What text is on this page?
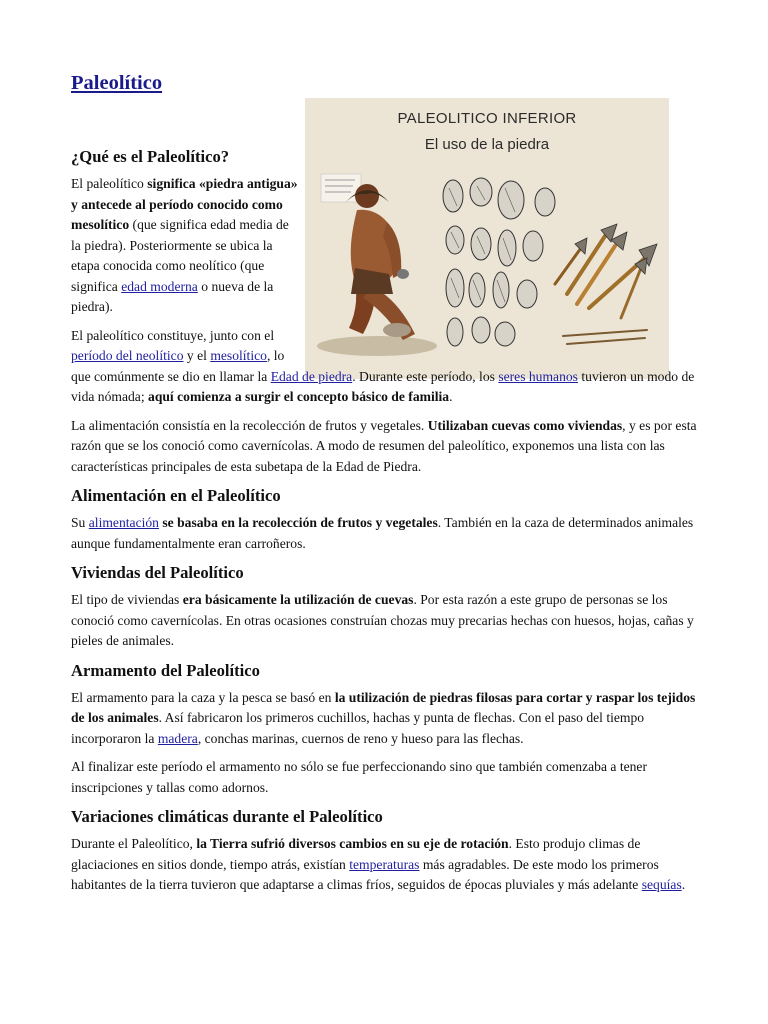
Paleolítico
PALEOLITICO INFERIOR
El uso de la piedra
¿Qué es el Paleolítico?

El paleolítico significa «piedra antigua» y antecede al período conocido como mesolítico (que significa edad media de la piedra). Posteriormente se ubica la etapa conocida como neolítico (que significa edad moderna o nueva de la piedra).

El paleolítico constituye, junto con el período del neolítico y el mesolítico, lo que comúnmente se dio en llamar la Edad de piedra. Durante este período, los seres humanos tuvieron un modo de vida nómada; aquí comienza a surgir el concepto básico de familia.

La alimentación consistía en la recolección de frutos y vegetales. Utilizaban cuevas como viviendas, y es por esta razón que se los conoció como cavernícolas. A modo de resumen del paleolítico, exponemos una lista con las características principales de esta subetapa de la Edad de Piedra.

Alimentación en el Paleolítico

Su alimentación se basaba en la recolección de frutos y vegetales. También en la caza de determinados animales aunque fundamentalmente eran carroñeros.

Viviendas del Paleolítico

El tipo de viviendas era básicamente la utilización de cuevas. Por esta razón a este grupo de personas se los conoció como cavernícolas. En otras ocasiones construían chozas muy precarias hechas con huesos, hojas, cañas y pieles de animales.

Armamento del Paleolítico

El armamento para la caza y la pesca se basó en la utilización de piedras filosas para cortar y raspar los tejidos de los animales. Así fabricaron los primeros cuchillos, hachas y punta de flechas. Con el paso del tiempo incorporaron la madera, conchas marinas, cuernos de reno y hueso para las flechas.

Al finalizar este período el armamento no sólo se fue perfeccionando sino que también comenzaba a tener inscripciones y tallas como adornos.

Variaciones climáticas durante el Paleolítico

Durante el Paleolítico, la Tierra sufrió diversos cambios en su eje de rotación. Esto produjo climas de glaciaciones en sitios donde, tiempo atrás, existían temperaturas más agradables. De este modo los primeros habitantes de la tierra tuvieron que adaptarse a climas fríos, seguidos de épocas pluviales y más adelante sequías.
